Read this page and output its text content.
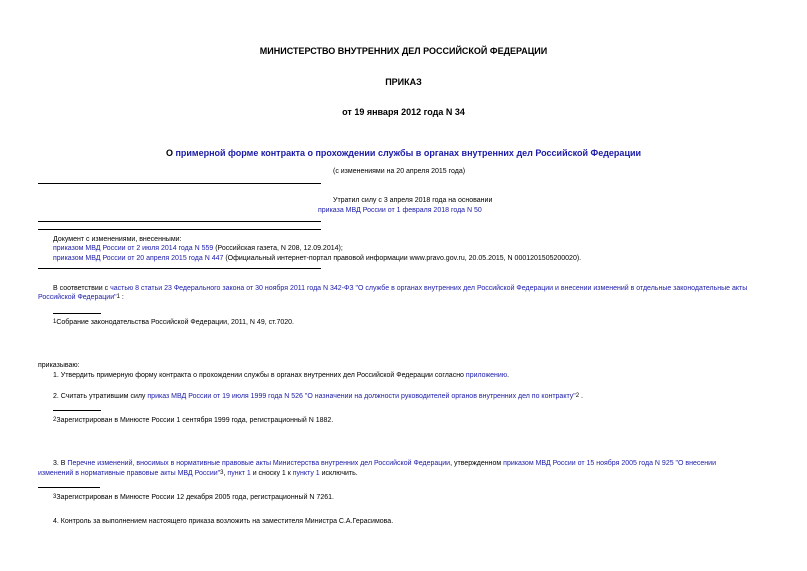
МИНИСТЕРСТВО ВНУТРЕННИХ ДЕЛ РОССИЙСКОЙ ФЕДЕРАЦИИ
ПРИКАЗ
от 19 января 2012 года N 34
О примерной форме контракта о прохождении службы в органах внутренних дел Российской Федерации
(с изменениями на 20 апреля 2015 года)
Утратил силу с 3 апреля 2018 года на основании
приказа МВД России от 1 февраля 2018 года N 50
Документ с изменениями, внесенными:
приказом МВД России от 2 июля 2014 года N 559 (Российская газета, N 208, 12.09.2014);
приказом МВД России от 20 апреля 2015 года N 447 (Официальный интернет-портал правовой информации www.pravo.gov.ru, 20.05.2015, N 0001201505200020).
В соответствии с частью 8 статьи 23 Федерального закона от 30 ноября 2011 года N 342-ФЗ "О службе в органах внутренних дел Российской Федерации и внесении изменений в отдельные законодательные акты
Российской Федерации"$^1$ :
$^1$Собрание законодательства Российской Федерации, 2011, N 49, ст.7020.
приказываю:
1. Утвердить примерную форму контракта о прохождении службы в органах внутренних дел Российской Федерации согласно приложению.
2. Считать утратившим силу приказ МВД России от 19 июля 1999 года N 526 "О назначении на должности руководителей органов внутренних дел по контракту"$^2$ .
$^2$Зарегистрирован в Минюсте России 1 сентября 1999 года, регистрационный N 1882.
3. В Перечне изменений, вносимых в нормативные правовые акты Министерства внутренних дел Российской Федерации, утвержденном приказом МВД России от 15 ноября 2005 года N 925 "О внесении
изменений в нормативные правовые акты МВД России"$^3$, пункт 1 и сноску 1 к пункту 1 исключить.
$^3$Зарегистрирован в Минюсте России 12 декабря 2005 года, регистрационный N 7261.
4. Контроль за выполнением настоящего приказа возложить на заместителя Министра С.А.Герасимова.
